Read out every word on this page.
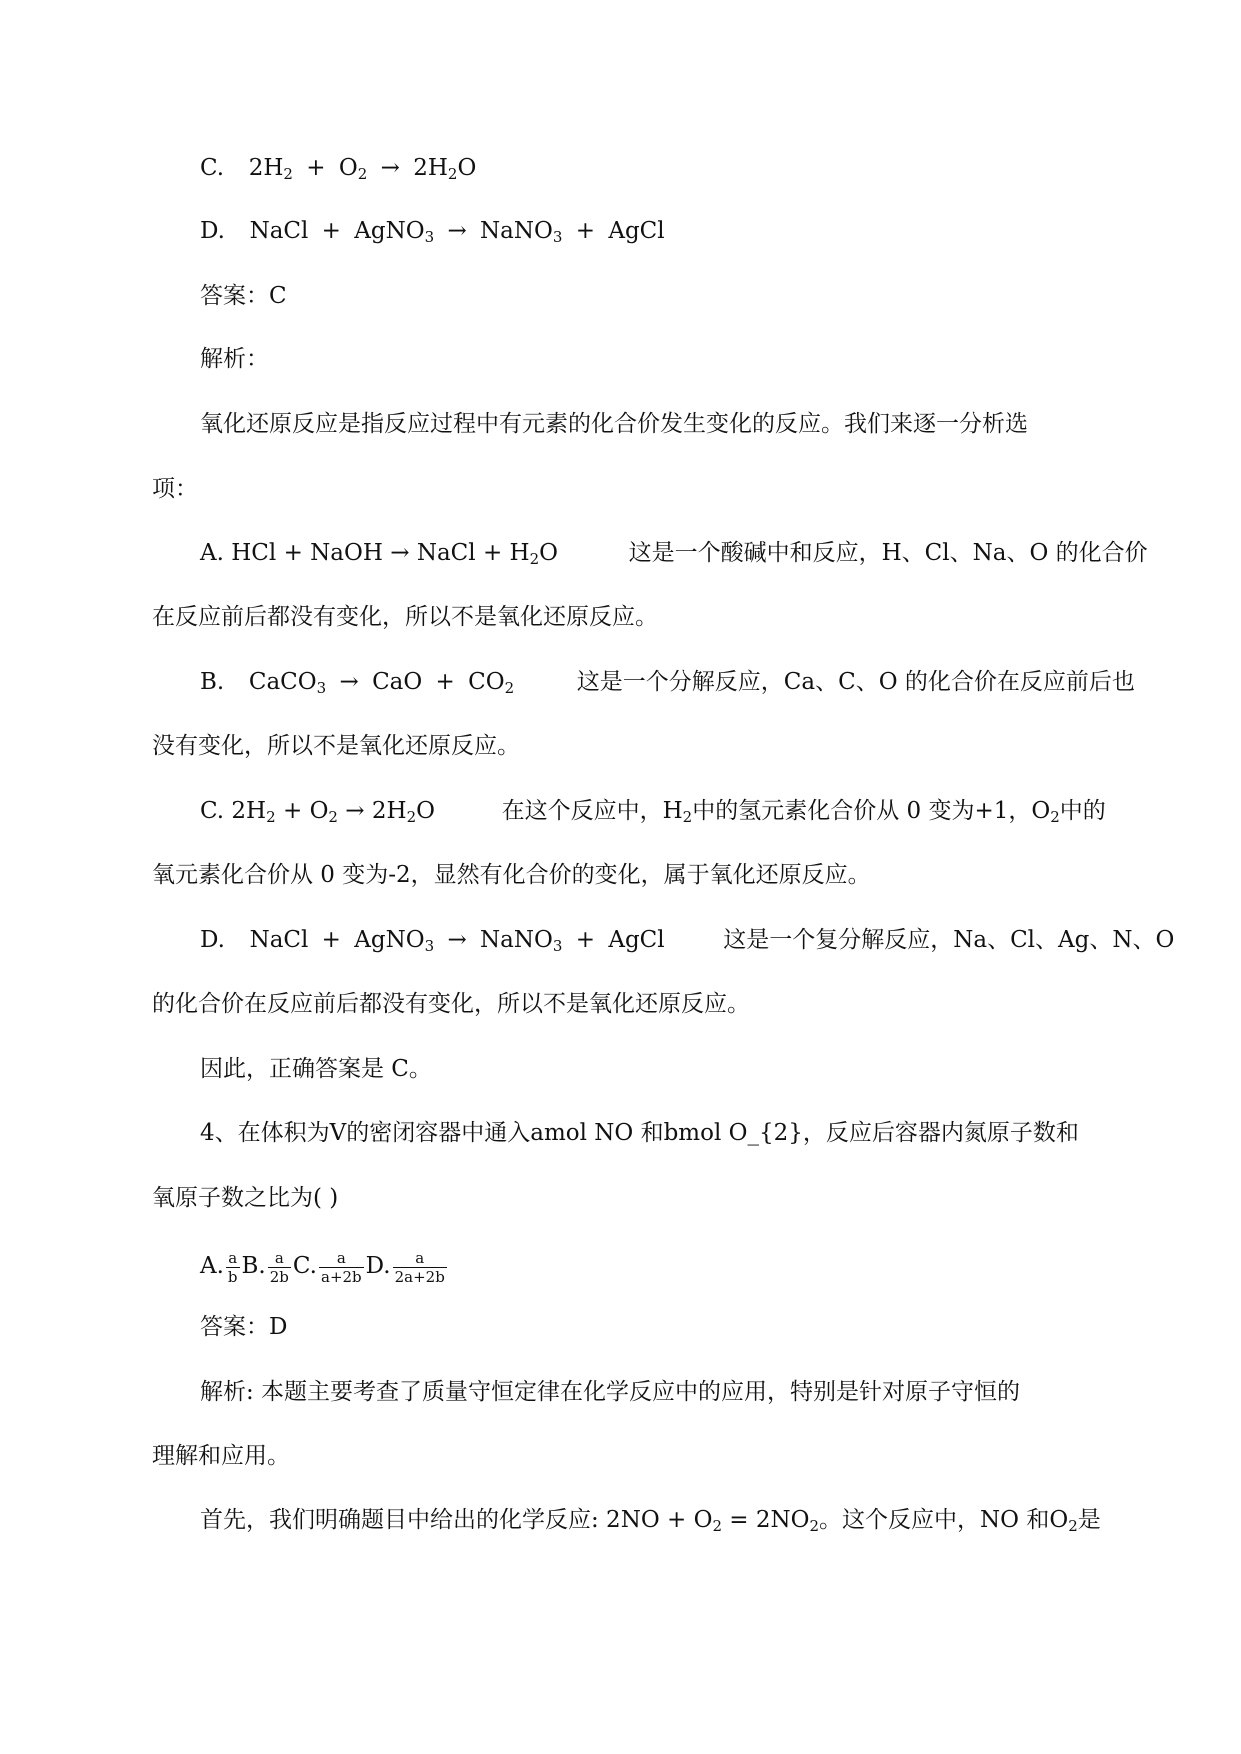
C. $2H_2 + O_2 \to 2H_2O$
D. NaCl + AgNO$_3$ → NaNO$_3$ + AgCl
答案：C
解析：
氧化还原反应是指反应过程中有元素的化合价发生变化的反应。我们来逐一分析选
项：
A. HCl + NaOH → NaCl + $H_2O$	这是一个酸碱中和反应，H、Cl、Na、O 的化合价
在反应前后都没有变化，所以不是氧化还原反应。
B. CaCO$_3$ → CaO + $CO_2$	这是一个分解反应，Ca、C、O 的化合价在反应前后也
没有变化，所以不是氧化还原反应。
C. $2H_2 + O_2 \to 2H_2O$	在这个反应中，$H_2$中的氢元素化合价从 0 变为+1，$O_2$中的
氧元素化合价从 0 变为-2，显然有化合价的变化，属于氧化还原反应。
D. NaCl + AgNO$_3$ → NaNO$_3$ + AgCl	这是一个复分解反应，Na、Cl、Ag、N、O
的化合价在反应前后都没有变化，所以不是氧化还原反应。
因此，正确答案是 C。
4、在体积为V的密闭容器中通入amol NO 和bmol O_{2}，反应后容器内氮原子数和
氧原子数之比为( )
A. $\frac{a}{b} B$. $\frac{a}{2b} C$. $\frac{a}{a+2b} D$. $\frac{a}{2a+2b}$
答案：D
解析: 本题主要考查了质量守恒定律在化学反应中的应用，特别是针对原子守恒的
理解和应用。
首先，我们明确题目中给出的化学反应: $2NO + O_2 = 2NO_2$。这个反应中，NO 和$O_2$是
